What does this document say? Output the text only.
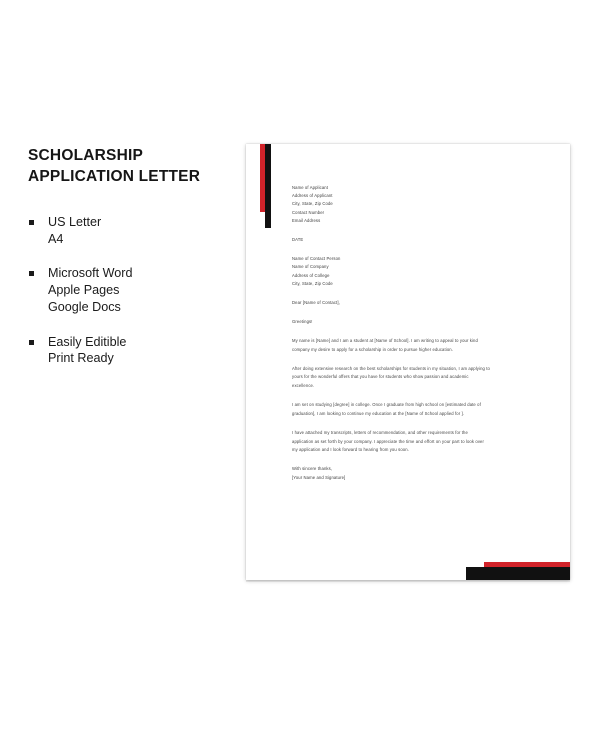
SCHOLARSHIP
APPLICATION LETTER
US Letter
A4
Microsoft Word
Apple Pages
Google Docs
Easily Editible
Print Ready
Name of Applicant
Address of Applicant
City, State, Zip Code
Contact Number
Email Address
DATE
Name of Contact Person
Name of Company
Address of College
City, State, Zip Code
Dear [Name of Contact],
Greetings!
My name is [Name] and I am a student at [Name of School]. I am writing to appeal to your kind
company my desire to apply for a scholarship in order to pursue higher education.
After doing extensive research on the best scholarships for students in my situation, I am applying to
yours for the wonderful offers that you have for students who show passion and academic
excellence.
I am set on studying [degree] in college. Once I graduate from high school on [estimated date of
graduation], I am looking to continue my education at the [Name of School applied for ].
I have attached my transcripts, letters of recommendation, and other requirements for the
application as set forth by your company. I appreciate the time and effort on your part to look over
my application and I look forward to hearing from you soon.
With sincere thanks,
[Your Name and Signature]
